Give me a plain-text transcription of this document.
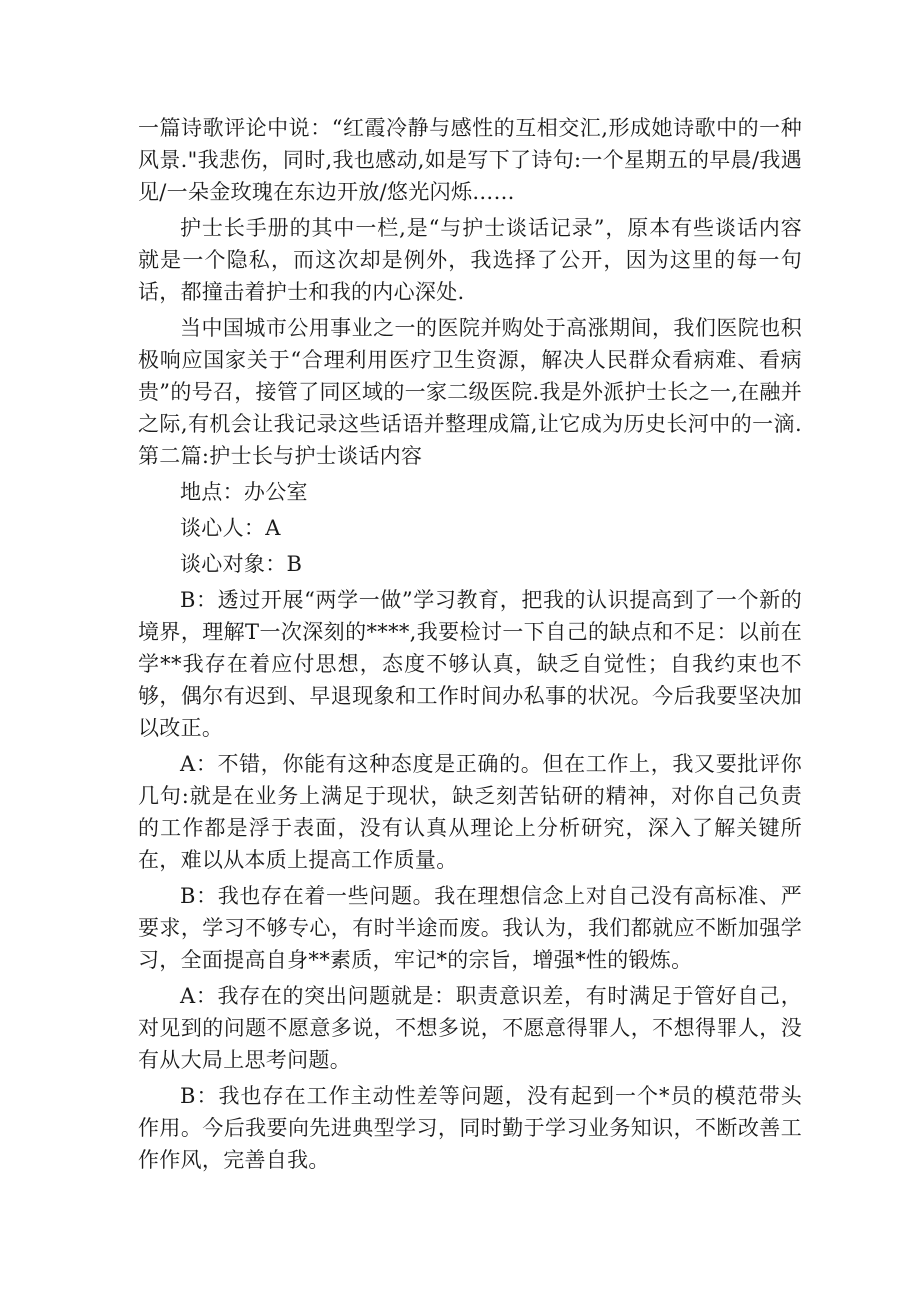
一篇诗歌评论中说：“红霞冷静与感性的互相交汇,形成她诗歌中的一种风景."我悲伤，同时,我也感动,如是写下了诗句:一个星期五的早晨/我遇见/一朵金玫瑰在东边开放/悠光闪烁……

护士长手册的其中一栏,是“与护士谈话记录”，原本有些谈话内容就是一个隐私，而这次却是例外，我选择了公开，因为这里的每一句话，都撞击着护士和我的内心深处.

当中国城市公用事业之一的医院并购处于高涨期间，我们医院也积极响应国家关于“合理利用医疗卫生资源，解决人民群众看病难、看病贵”的号召，接管了同区域的一家二级医院.我是外派护士长之一,在融并之际,有机会让我记录这些话语并整理成篇,让它成为历史长河中的一滴.第二篇:护士长与护士谈话内容

地点：办公室

谈心人：A

谈心对象：B

B：透过开展“两学一做”学习教育，把我的认识提高到了一个新的境界，理解T一次深刻的****,我要检讨一下自己的缺点和不足：以前在学**我存在着应付思想，态度不够认真，缺乏自觉性；自我约束也不够，偶尔有迟到、早退现象和工作时间办私事的状况。今后我要坚决加以改正。

A：不错，你能有这种态度是正确的。但在工作上，我又要批评你几句:就是在业务上满足于现状，缺乏刻苦钻研的精神，对你自己负责的工作都是浮于表面，没有认真从理论上分析研究，深入了解关键所在，难以从本质上提高工作质量。

B：我也存在着一些问题。我在理想信念上对自己没有高标准、严要求，学习不够专心，有时半途而废。我认为，我们都就应不断加强学习，全面提高自身**素质，牢记*的宗旨，增强*性的锻炼。

A：我存在的突出问题就是：职责意识差，有时满足于管好自己，对见到的问题不愿意多说，不想多说，不愿意得罪人，不想得罪人，没有从大局上思考问题。

B：我也存在工作主动性差等问题，没有起到一个*员的模范带头作用。今后我要向先进典型学习，同时勤于学习业务知识，不断改善工作作风，完善自我。
